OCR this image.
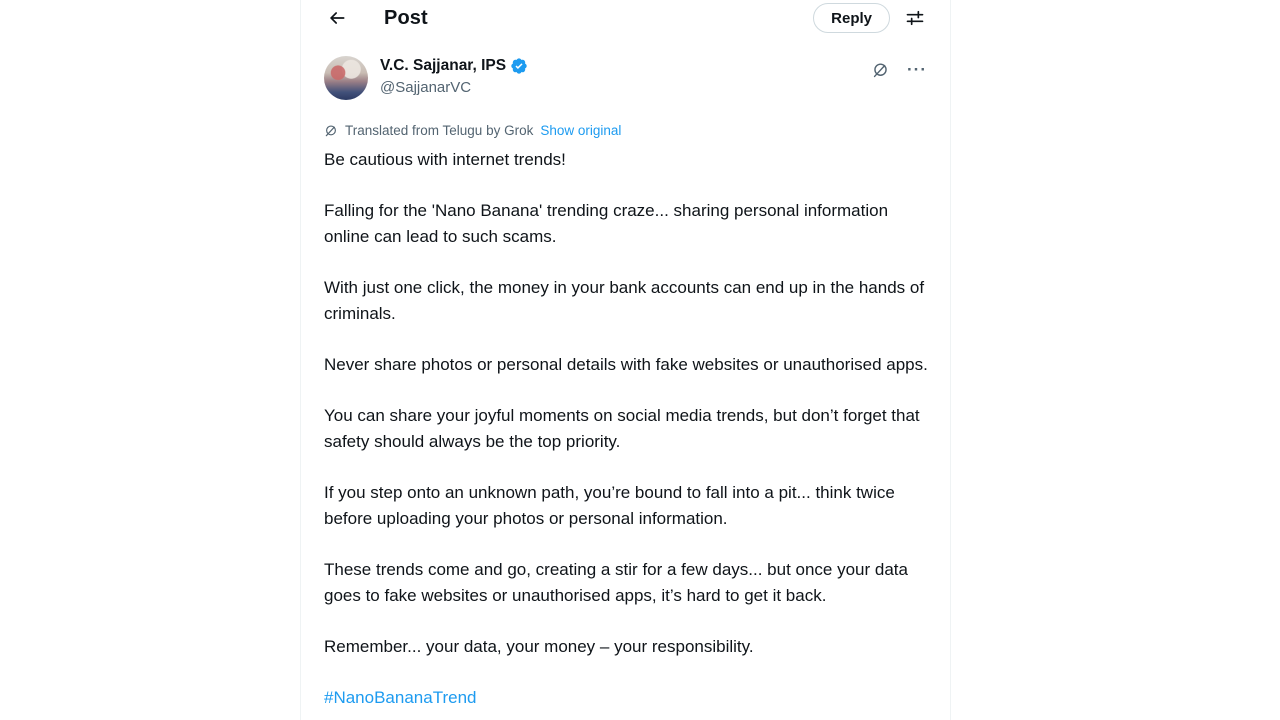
Post	Reply
V.C. Sajjanar, IPS
@SajjanarVC
···
Translated from Telugu by Grok Show original

Be cautious with internet trends!

Falling for the 'Nano Banana' trending craze... sharing personal information online can lead to such scams.

With just one click, the money in your bank accounts can end up in the hands of criminals.

Never share photos or personal details with fake websites or unauthorised apps.

You can share your joyful moments on social media trends, but don’t forget that safety should always be the top priority.

If you step onto an unknown path, you’re bound to fall into a pit... think twice before uploading your photos or personal information.

These trends come and go, creating a stir for a few days... but once your data goes to fake websites or unauthorised apps, it’s hard to get it back.

Remember... your data, your money – your responsibility.

#NanoBananaTrend
